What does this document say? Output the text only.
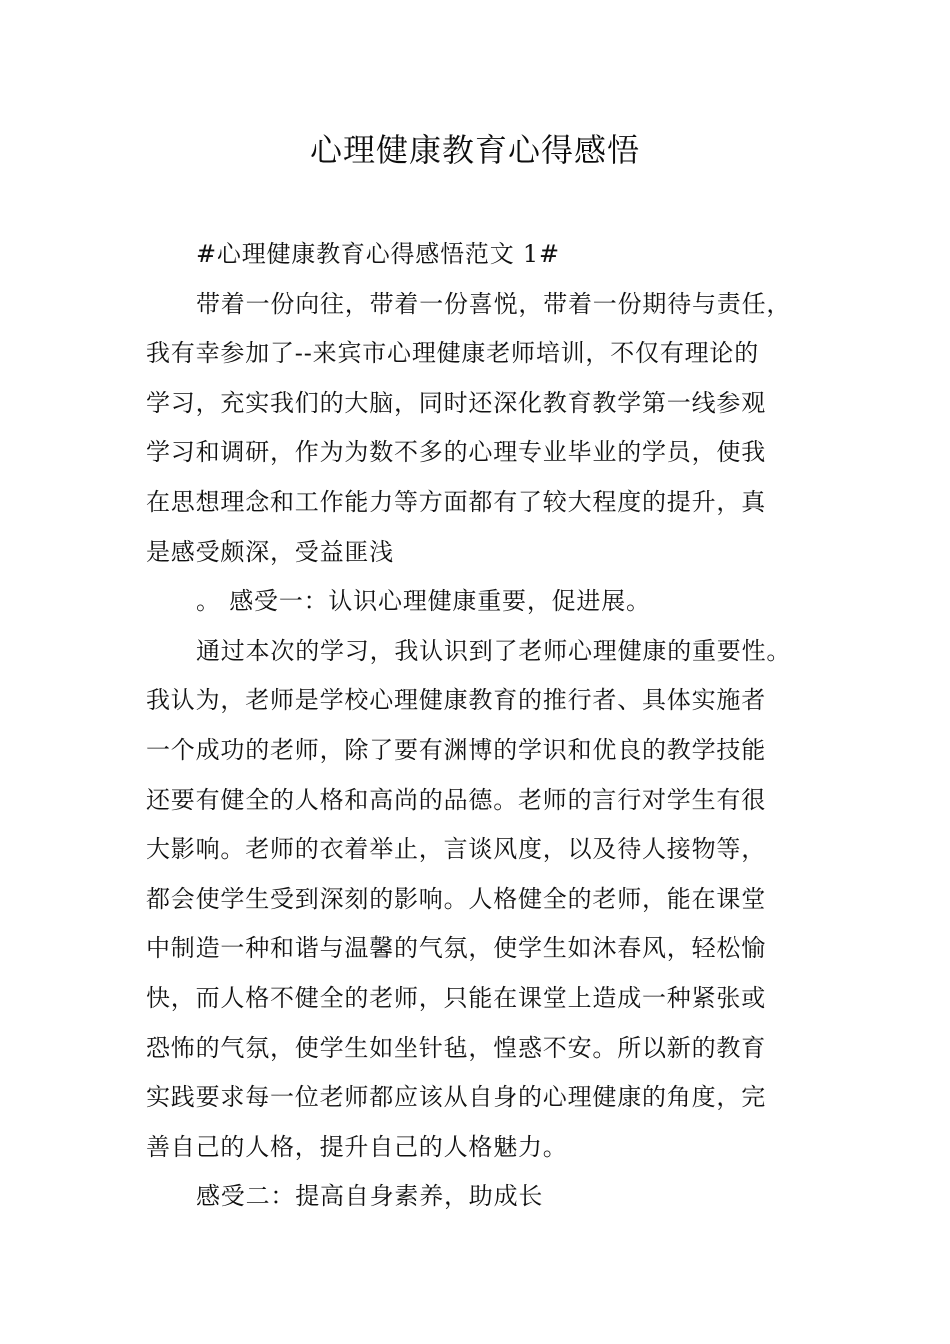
心理健康教育心得感悟

#心理健康教育心得感悟范文 1#

带着一份向往，带着一份喜悦，带着一份期待与责任，

我有幸参加了--来宾市心理健康老师培训，不仅有理论的

学习，充实我们的大脑，同时还深化教育教学第一线参观

学习和调研，作为为数不多的心理专业毕业的学员，使我

在思想理念和工作能力等方面都有了较大程度的提升，真

是感受颇深，受益匪浅

。 感受一：认识心理健康重要，促进展。

通过本次的学习，我认识到了老师心理健康的重要性。

我认为，老师是学校心理健康教育的推行者、具体实施者

一个成功的老师，除了要有渊博的学识和优良的教学技能

还要有健全的人格和高尚的品德。老师的言行对学生有很

大影响。老师的衣着举止，言谈风度，以及待人接物等，

都会使学生受到深刻的影响。人格健全的老师，能在课堂

中制造一种和谐与温馨的气氛，使学生如沐春风，轻松愉

快，而人格不健全的老师，只能在课堂上造成一种紧张或

恐怖的气氛，使学生如坐针毡，惶惑不安。所以新的教育

实践要求每一位老师都应该从自身的心理健康的角度，完

善自己的人格，提升自己的人格魅力。

感受二：提高自身素养，助成长
